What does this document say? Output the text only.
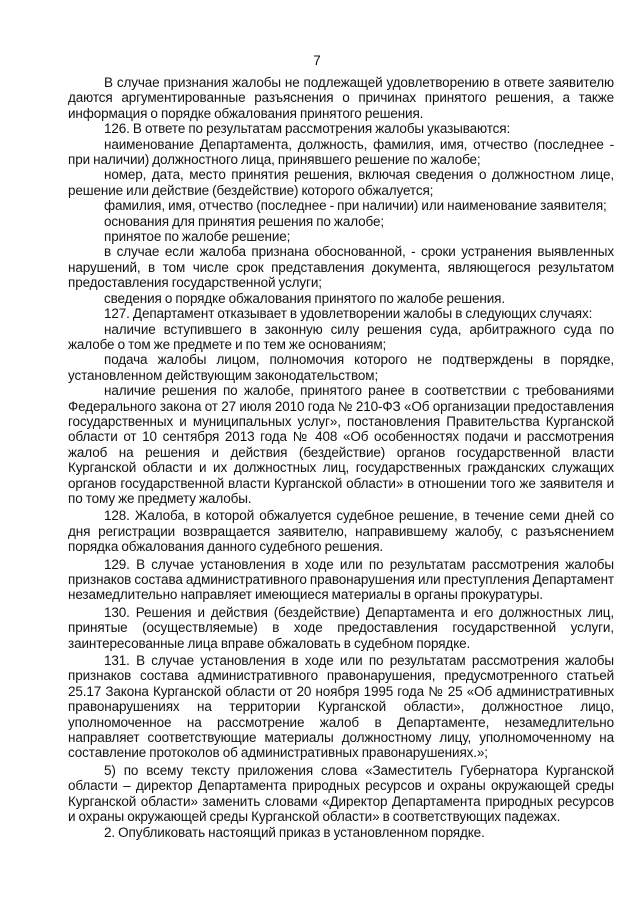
7

В случае признания жалобы не подлежащей удовлетворению в ответе заявителю даются аргументированные разъяснения о причинах принятого решения, а также информация о порядке обжалования принятого решения.

126. В ответе по результатам рассмотрения жалобы указываются:

наименование Департамента, должность, фамилия, имя, отчество (последнее - при наличии) должностного лица, принявшего решение по жалобе;

номер, дата, место принятия решения, включая сведения о должностном лице, решение или действие (бездействие) которого обжалуется;

фамилия, имя, отчество (последнее - при наличии) или наименование заявителя;

основания для принятия решения по жалобе;

принятое по жалобе решение;

в случае если жалоба признана обоснованной, - сроки устранения выявленных нарушений, в том числе срок представления документа, являющегося результатом предоставления государственной услуги;

сведения о порядке обжалования принятого по жалобе решения.

127. Департамент отказывает в удовлетворении жалобы в следующих случаях:

наличие вступившего в законную силу решения суда, арбитражного суда по жалобе о том же предмете и по тем же основаниям;

подача жалобы лицом, полномочия которого не подтверждены в порядке, установленном действующим законодательством;

наличие решения по жалобе, принятого ранее в соответствии с требованиями Федерального закона от 27 июля 2010 года № 210-ФЗ «Об организации предоставления государственных и муниципальных услуг», постановления Правительства Курганской области от 10 сентября 2013 года № 408 «Об особенностях подачи и рассмотрения жалоб на решения и действия (бездействие) органов государственной власти Курганской области и их должностных лиц, государственных гражданских служащих органов государственной власти Курганской области» в отношении того же заявителя и по тому же предмету жалобы.

128. Жалоба, в которой обжалуется судебное решение, в течение семи дней со дня регистрации возвращается заявителю, направившему жалобу, с разъяснением порядка обжалования данного судебного решения.

129. В случае установления в ходе или по результатам рассмотрения жалобы признаков состава административного правонарушения или преступления Департамент незамедлительно направляет имеющиеся материалы в органы прокуратуры.

130. Решения и действия (бездействие) Департамента и его должностных лиц, принятые (осуществляемые) в ходе предоставления государственной услуги, заинтересованные лица вправе обжаловать в судебном порядке.

131. В случае установления в ходе или по результатам рассмотрения жалобы признаков состава административного правонарушения, предусмотренного статьей 25.17 Закона Курганской области от 20 ноября 1995 года № 25 «Об административных правонарушениях на территории Курганской области», должностное лицо, уполномоченное на рассмотрение жалоб в Департаменте, незамедлительно направляет соответствующие материалы должностному лицу, уполномоченному на составление протоколов об административных правонарушениях.»;

5) по всему тексту приложения слова «Заместитель Губернатора Курганской области – директор Департамента природных ресурсов и охраны окружающей среды Курганской области» заменить словами «Директор Департамента природных ресурсов и охраны окружающей среды Курганской области» в соответствующих падежах.

2. Опубликовать настоящий приказ в установленном порядке.
